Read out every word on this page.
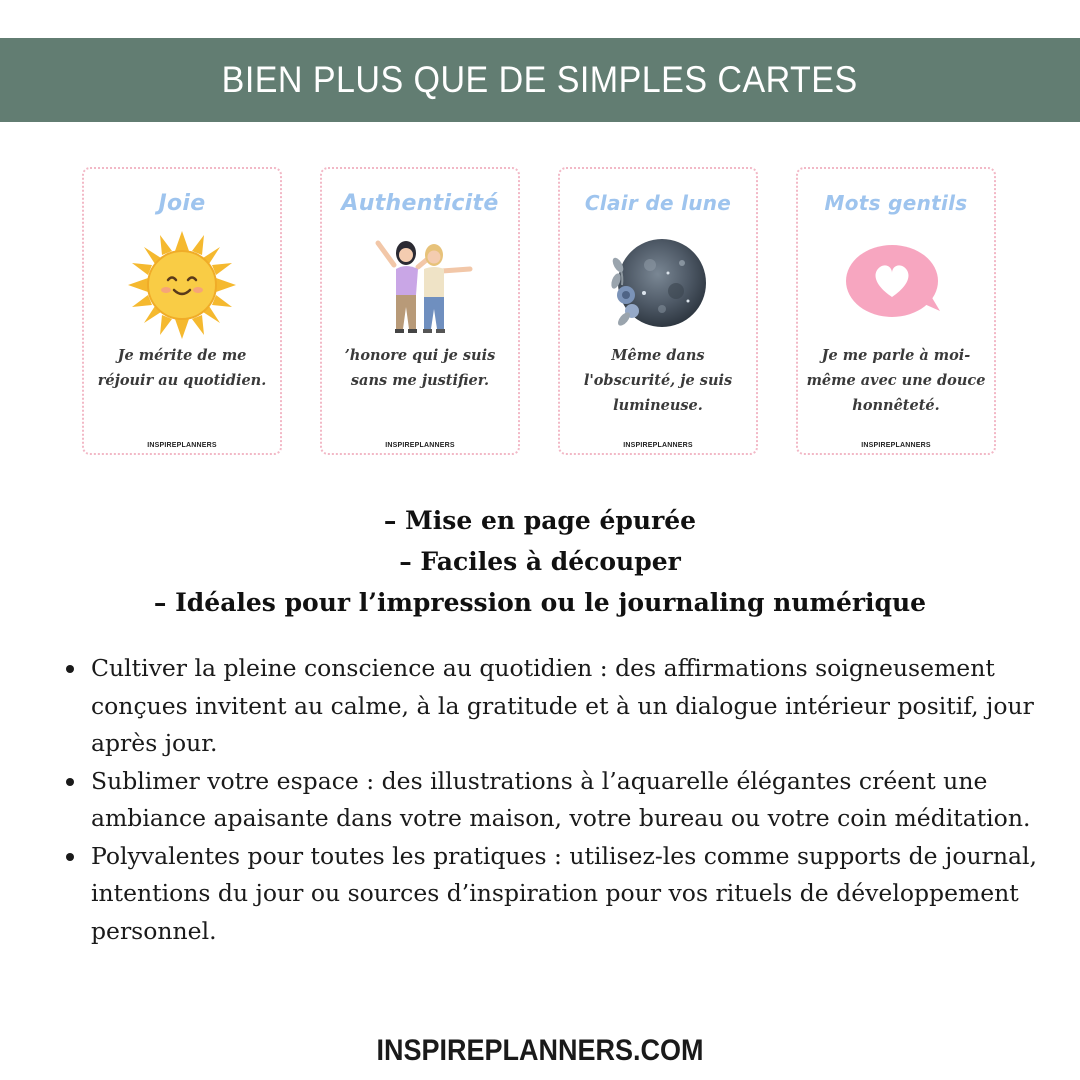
BIEN PLUS QUE DE SIMPLES CARTES
Joie
Je mérite de me réjouir au quotidien.
INSPIREPLANNERS
Authenticité
’honore qui je suis sans me justifier.
INSPIREPLANNERS
Clair de lune
Même dans l'obscurité, je suis lumineuse.
INSPIREPLANNERS
Mots gentils
Je me parle à moi-même avec une douce honnêteté.
INSPIREPLANNERS
– Mise en page épurée
– Faciles à découper
– Idéales pour l’impression ou le journaling numérique
Cultiver la pleine conscience au quotidien : des affirmations soigneusement conçues invitent au calme, à la gratitude et à un dialogue intérieur positif, jour après jour.
Sublimer votre espace : des illustrations à l’aquarelle élégantes créent une ambiance apaisante dans votre maison, votre bureau ou votre coin méditation.
Polyvalentes pour toutes les pratiques : utilisez-les comme supports de journal, intentions du jour ou sources d’inspiration pour vos rituels de développement personnel.
INSPIREPLANNERS.COM
